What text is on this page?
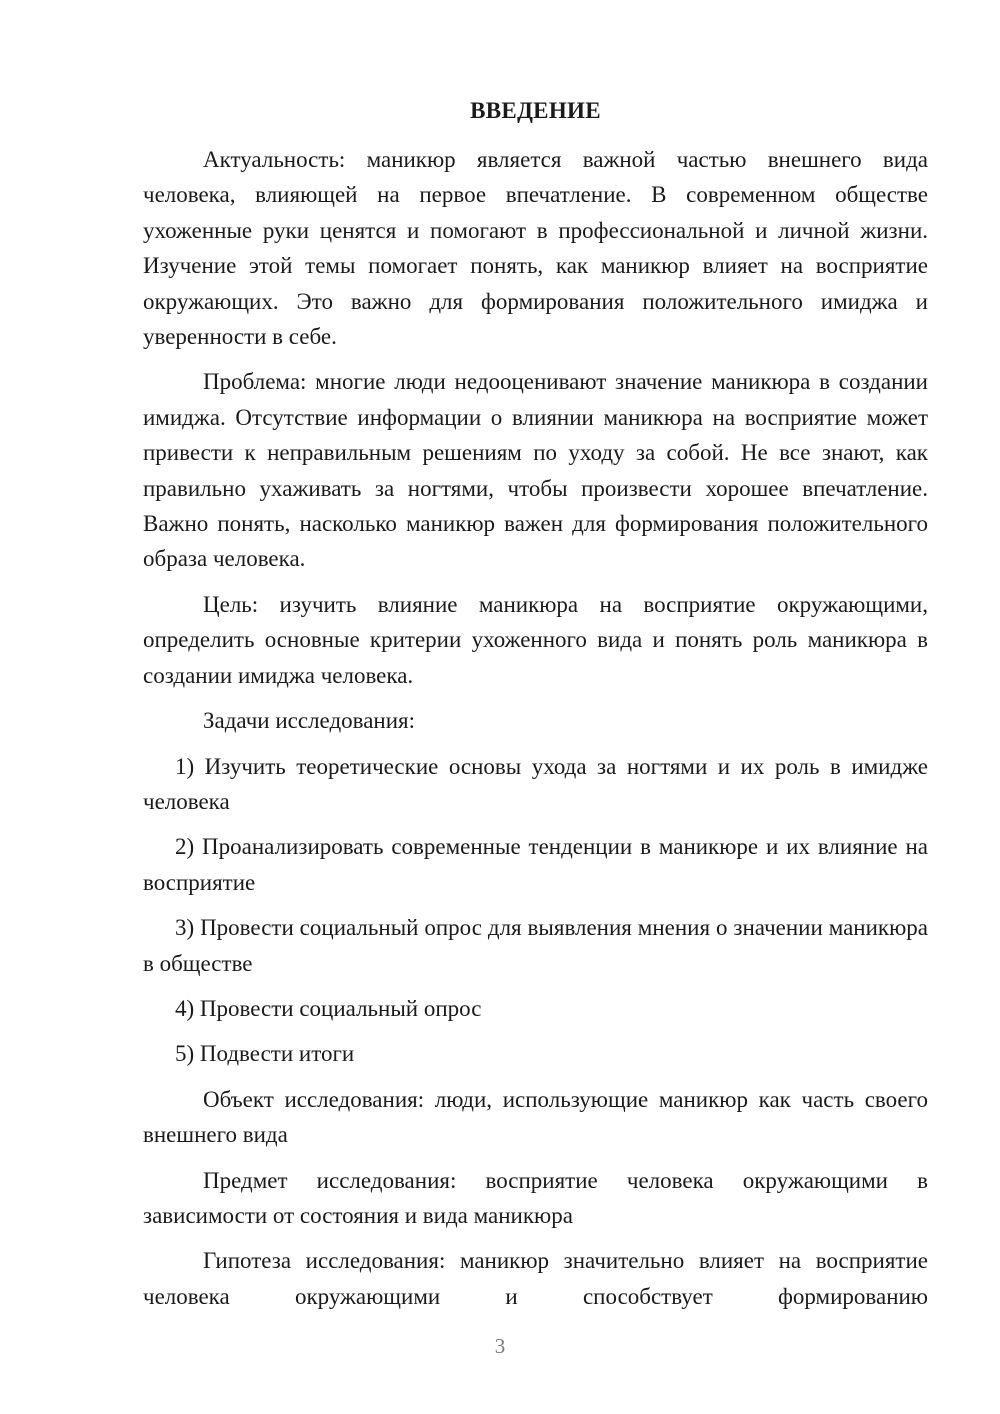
ВВЕДЕНИЕ

Актуальность: маникюр является важной частью внешнего вида человека, влияющей на первое впечатление. В современном обществе ухоженные руки ценятся и помогают в профессиональной и личной жизни. Изучение этой темы помогает понять, как маникюр влияет на восприятие окружающих. Это важно для формирования положительного имиджа и уверенности в себе.

Проблема: многие люди недооценивают значение маникюра в создании имиджа. Отсутствие информации о влиянии маникюра на восприятие может привести к неправильным решениям по уходу за собой. Не все знают, как правильно ухаживать за ногтями, чтобы произвести хорошее впечатление. Важно понять, насколько маникюр важен для формирования положительного образа человека.

Цель: изучить влияние маникюра на восприятие окружающими, определить основные критерии ухоженного вида и понять роль маникюра в создании имиджа человека.

Задачи исследования:

1) Изучить теоретические основы ухода за ногтями и их роль в имидже человека

2) Проанализировать современные тенденции в маникюре и их влияние на восприятие

3) Провести социальный опрос для выявления мнения о значении маникюра в обществе

4) Провести социальный опрос

5) Подвести итоги

Объект исследования: люди, использующие маникюр как часть своего внешнего вида

Предмет исследования: восприятие человека окружающими в зависимости от состояния и вида маникюра

Гипотеза исследования: маникюр значительно влияет на восприятие человека окружающими и способствует формированию

3
